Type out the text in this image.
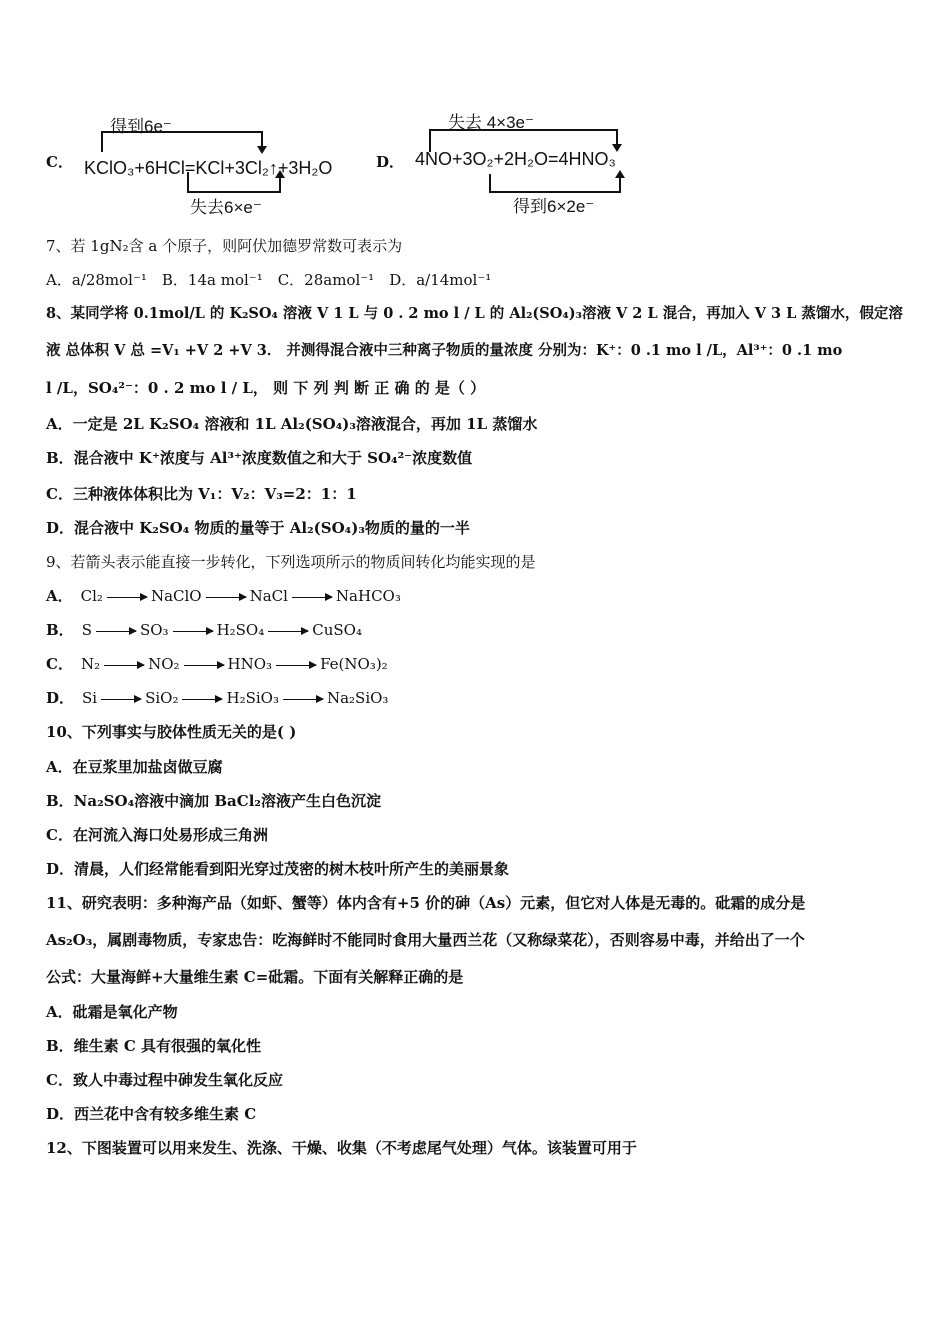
C．
得到6e⁻
KClO₃+6HCl=KCl+3Cl₂↑+3H₂O
失去6×e⁻
D．
失去 4×3e⁻
4NO+3O₂+2H₂O=4HNO₃
得到6×2e⁻
7、若 1gN₂含 a 个原子，则阿伏加德罗常数可表示为
A．a/28mol⁻¹　B．14a mol⁻¹　C．28amol⁻¹　D．a/14mol⁻¹
8、某同学将 0.1mol/L 的 K₂SO₄ 溶液 V 1 L 与 0 . 2 mo l / L 的 Al₂(SO₄)₃溶液 V 2 L 混合，再加入 V 3 L 蒸馏水，假定溶
液 总体积 V 总 =V₁ +V 2 +V 3． 并测得混合液中三种离子物质的量浓度 分别为：K⁺：0 .1 mo l /L，Al³⁺：0 .1 mo
l /L，SO₄²⁻：0 . 2 mo l / L， 则 下 列 判 断 正 确 的 是（ ）
A．一定是 2L K₂SO₄ 溶液和 1L Al₂(SO₄)₃溶液混合，再加 1L 蒸馏水
B．混合液中 K⁺浓度与 Al³⁺浓度数值之和大于 SO₄²⁻浓度数值
C．三种液体体积比为 V₁：V₂：V₃=2：1：1
D．混合液中 K₂SO₄ 物质的量等于 Al₂(SO₄)₃物质的量的一半
9、若箭头表示能直接一步转化，下列选项所示的物质间转化均能实现的是
A． Cl₂	NaClO	NaCl	NaHCO₃
B． S	SO₃	H₂SO₄	CuSO₄
C． N₂	NO₂	HNO₃	Fe(NO₃)₂
D． Si	SiO₂	H₂SiO₃	Na₂SiO₃
10、下列事实与胶体性质无关的是( )
A．在豆浆里加盐卤做豆腐
B．Na₂SO₄溶液中滴加 BaCl₂溶液产生白色沉淀
C．在河流入海口处易形成三角洲
D．清晨，人们经常能看到阳光穿过茂密的树木枝叶所产生的美丽景象
11、研究表明：多种海产品（如虾、蟹等）体内含有+5 价的砷（As）元素，但它对人体是无毒的。砒霜的成分是
As₂O₃，属剧毒物质，专家忠告：吃海鲜时不能同时食用大量西兰花（又称绿菜花），否则容易中毒，并给出了一个
公式：大量海鲜+大量维生素 C=砒霜。下面有关解释正确的是
A．砒霜是氧化产物
B．维生素 C 具有很强的氧化性
C．致人中毒过程中砷发生氧化反应
D．西兰花中含有较多维生素 C
12、下图装置可以用来发生、洗涤、干燥、收集（不考虑尾气处理）气体。该装置可用于
